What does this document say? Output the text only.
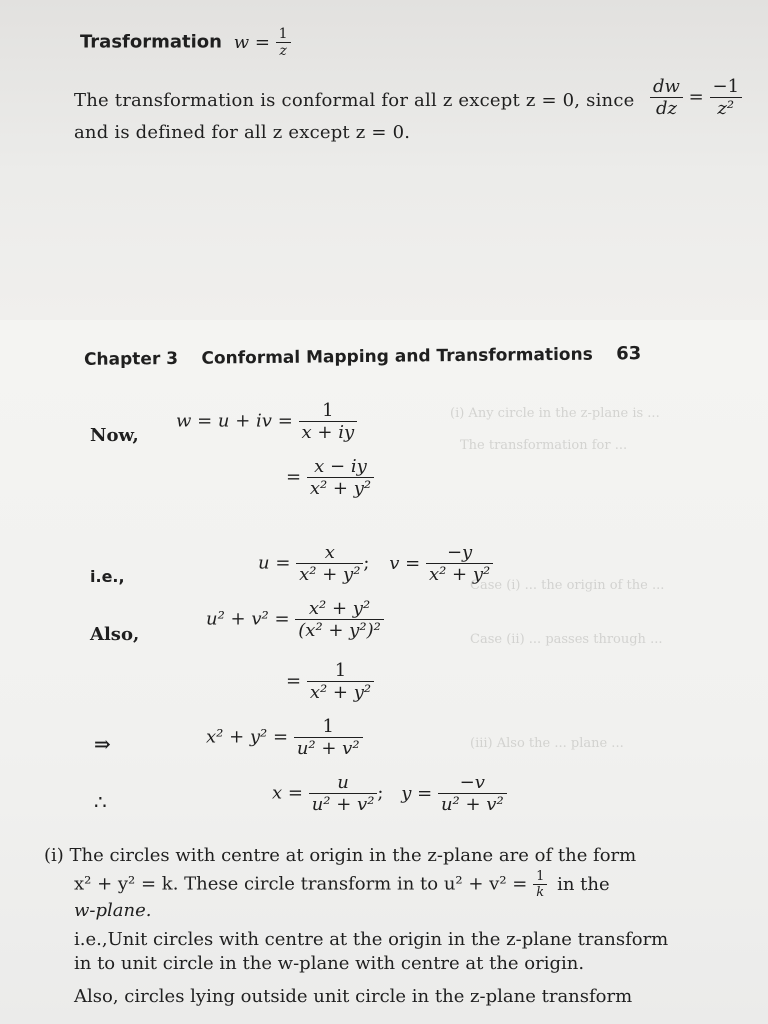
Trasformation $w = \frac{1}{z}$
The transformation is conformal for all z except z = 0, since $\frac{dw}{dz} = \frac{-1}{\text{z²}}$
and is defined for all z except z = 0.
(i) Any circle in the z-plane is ...
The transformation for ...
Case (i) ... the origin of the ...
Case (ii) ... passes through ...
(iii) Also the ... plane ...
Chapter 3 Conformal Mapping and Transformations 63
Now,
w = u + iv = $\frac{1}{x + iy}$
= $\frac{x - iy}{\text{x² + y²}}$
i.e.,
$u = \frac{x}{\text{x² + y²}}$ ; $v = \frac{-y}{\text{x² + y²}}$
Also,
$u^2 + v^2 = \frac{\text{x² + y²}}{\text{(x² + y²)²}}$
= $\frac{1}{\text{x² + y²}}$
⇒	$x^2 + y^2 = \frac{1}{\text{u² + v²}}$
∴	$x = \frac{u}{\text{u² + v²}}$ ; $y = \frac{-v}{\text{u² + v²}}$
(i) The circles with centre at origin in the z-plane are of the form
x² + y² = k. These circle transform in to $u^2 + v^2 = \frac{1}{k}$ in the
w-plane.
i.e.,Unit circles with centre at the origin in the z-plane transform
in to unit circle in the w-plane with centre at the origin.
Also, circles lying outside unit circle in the z-plane transform
